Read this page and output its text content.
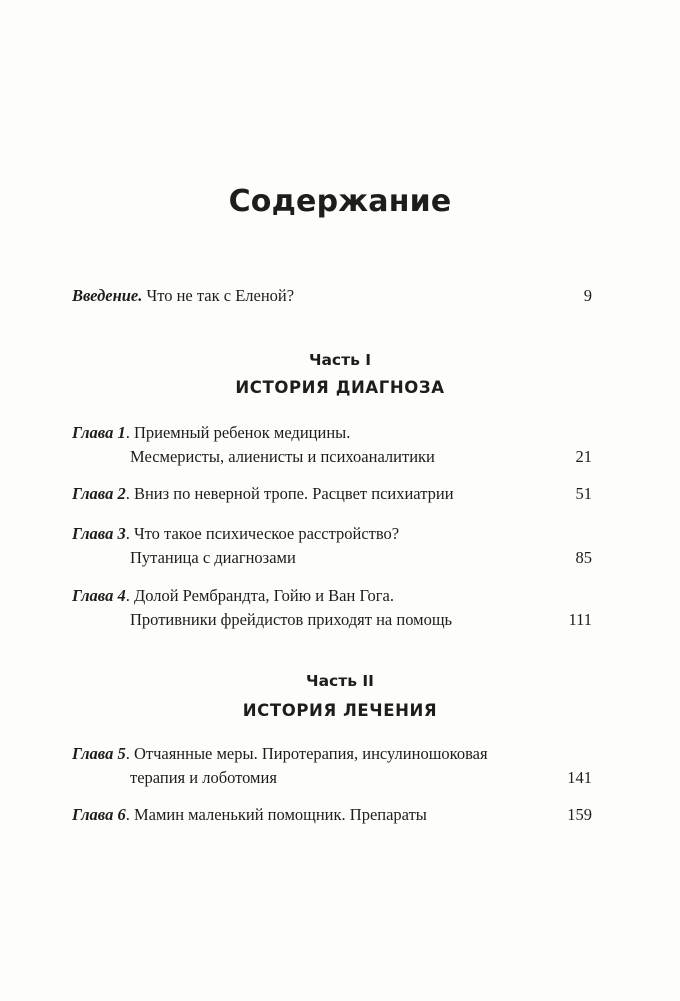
Содержание
Введение. Что не так с Еленой?	9
Часть I
ИСТОРИЯ ДИАГНОЗА
Глава 1. Приемный ребенок медицины.
Месмеристы, алиенисты и психоаналитики	21
Глава 2. Вниз по неверной тропе. Расцвет психиатрии	51
Глава 3. Что такое психическое расстройство?
Путаница с диагнозами	85
Глава 4. Долой Рембрандта, Гойю и Ван Гога.
Противники фрейдистов приходят на помощь	111
Часть II
ИСТОРИЯ ЛЕЧЕНИЯ
Глава 5. Отчаянные меры. Пиротерапия, инсулиношоковая
терапия и лоботомия	141
Глава 6. Мамин маленький помощник. Препараты	159
